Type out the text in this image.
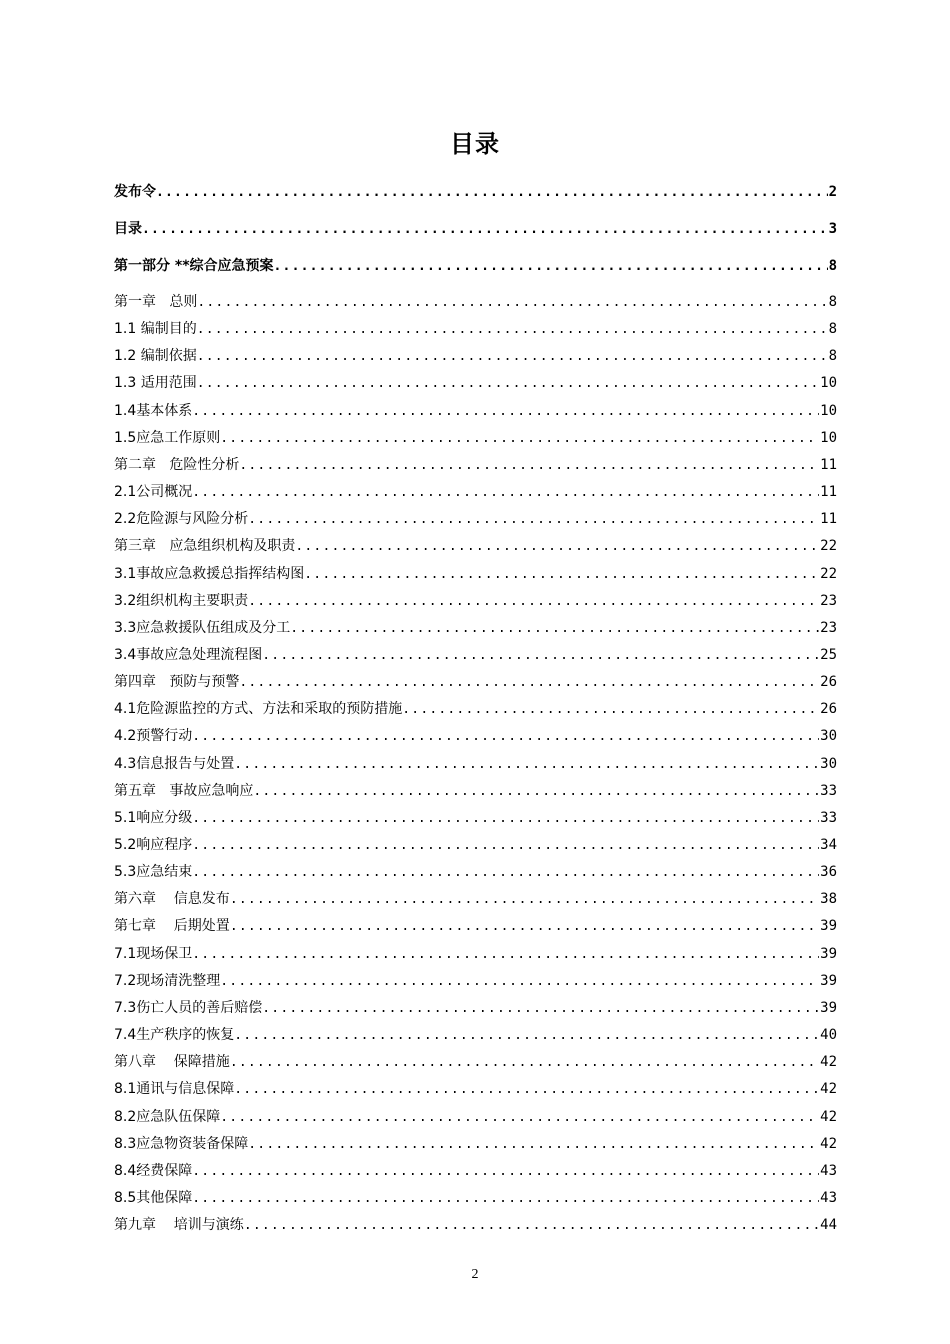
目录
发布令 .....	2
目录 .....	3
第一部分 **综合应急预案 .....	8
第一章   总则 .....	8
1.1 编制目的 .....	8
1.2 编制依据 .....	8
1.3 适用范围 .....	10
1.4基本体系 .....	10
1.5应急工作原则 .....	10
第二章   危险性分析 .....	11
2.1公司概况 .....	11
2.2危险源与风险分析 .....	11
第三章   应急组织机构及职责 .....	22
3.1事故应急救援总指挥结构图 .....	22
3.2组织机构主要职责 .....	23
3.3应急救援队伍组成及分工 .....	23
3.4事故应急处理流程图 .....	25
第四章   预防与预警 .....	26
4.1危险源监控的方式、方法和采取的预防措施 .....	26
4.2预警行动 .....	30
4.3信息报告与处置 .....	30
第五章   事故应急响应 .....	33
5.1响应分级 .....	33
5.2响应程序 .....	34
5.3应急结束 .....	36
第六章    信息发布 .....	38
第七章    后期处置 .....	39
7.1现场保卫 .....	39
7.2现场清洗整理 .....	39
7.3伤亡人员的善后赔偿 .....	39
7.4生产秩序的恢复 .....	40
第八章    保障措施 .....	42
8.1通讯与信息保障 .....	42
8.2应急队伍保障 .....	42
8.3应急物资装备保障 .....	42
8.4经费保障 .....	43
8.5其他保障 .....	43
第九章    培训与演练 .....	44
2
